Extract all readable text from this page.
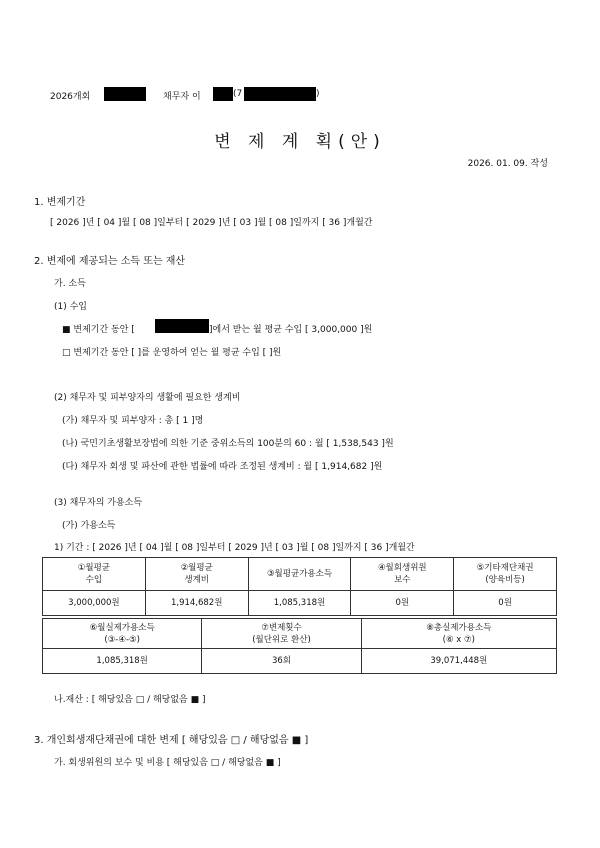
2026개회	채무자 이	(7	)
변 제 계 획(안)
2026. 01. 09. 작성
1. 변제기간
[ 2026 ]년 [ 04 ]월 [ 08 ]일부터 [ 2029 ]년 [ 03 ]월 [ 08 ]일까지 [ 36 ]개월간
2. 변제에 제공되는 소득 또는 재산
가. 소득
(1) 수입
■ 변제기간 동안 [	]에서 받는 월 평균 수입 [ 3,000,000 ]원
□ 변제기간 동안 [ ]를 운영하여 얻는 월 평균 수입 [ ]원
(2) 채무자 및 피부양자의 생활에 필요한 생계비
(가) 채무자 및 피부양자 : 총 [ 1 ]명
(나) 국민기초생활보장법에 의한 기준 중위소득의 100분의 60 : 월 [ 1,538,543 ]원
(다) 채무자 회생 및 파산에 관한 법률에 따라 조정된 생계비 : 월 [ 1,914,682 ]원
(3) 채무자의 가용소득
(가) 가용소득
1) 기간 : [ 2026 ]년 [ 04 ]월 [ 08 ]일부터 [ 2029 ]년 [ 03 ]월 [ 08 ]일까지 [ 36 ]개월간
①월평균
수입	②월평균
생계비	③월평균가용소득	④월회생위원
보수	⑤기타재단채권
(양육비등)
3,000,000원	1,914,682원	1,085,318원	0원	0원
⑥월실제가용소득
(③-④-⑤)	⑦변제횟수
(월단위로 환산)	⑧총실제가용소득
(⑥ x ⑦)
1,085,318원	36회	39,071,448원
나.재산 : [ 해당있음 □ / 해당없음 ■ ]
3. 개인회생재단채권에 대한 변제 [ 해당있음 □ / 해당없음 ■ ]
가. 회생위원의 보수 및 비용 [ 해당있음 □ / 해당없음 ■ ]
